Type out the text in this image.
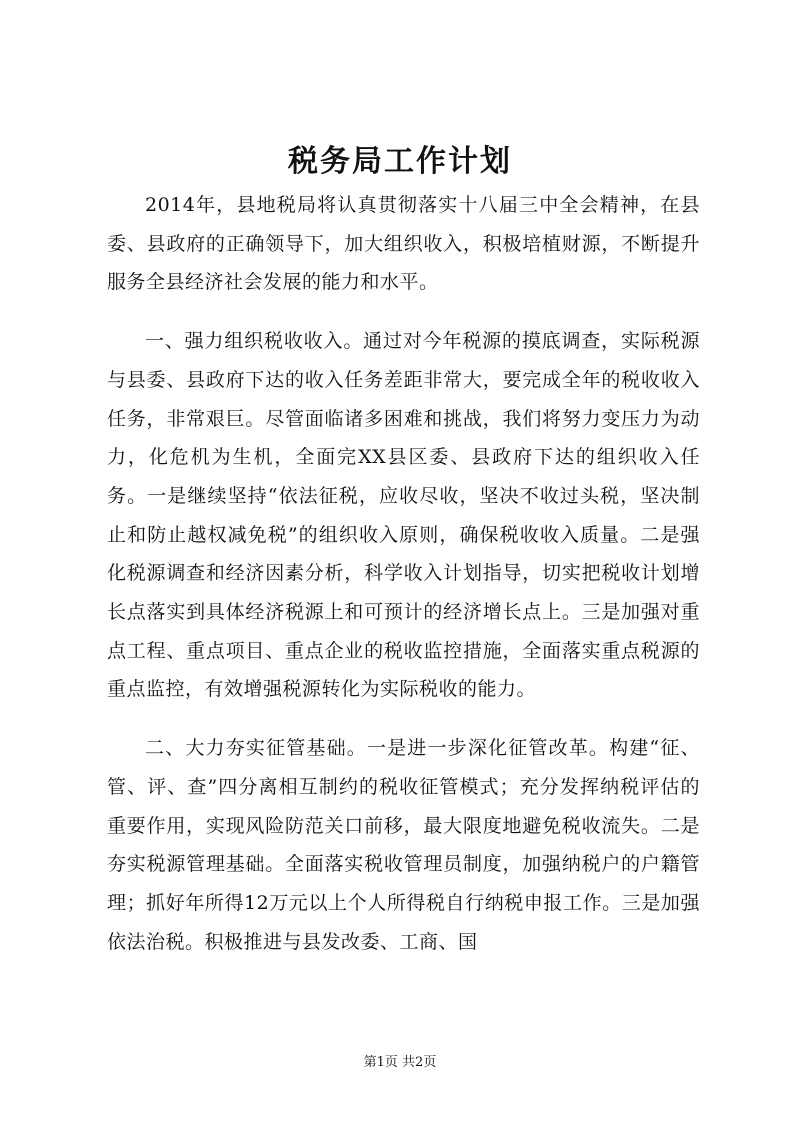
税务局工作计划

2014年，县地税局将认真贯彻落实十八届三中全会精神，在县委、县政府的正确领导下，加大组织收入，积极培植财源，不断提升服务全县经济社会发展的能力和水平。

一、强力组织税收收入。通过对今年税源的摸底调查，实际税源与县委、县政府下达的收入任务差距非常大，要完成全年的税收收入任务，非常艰巨。尽管面临诸多困难和挑战，我们将努力变压力为动力，化危机为生机，全面完XX县区委、县政府下达的组织收入任务。一是继续坚持“依法征税，应收尽收，坚决不收过头税，坚决制止和防止越权减免税”的组织收入原则，确保税收收入质量。二是强化税源调查和经济因素分析，科学收入计划指导，切实把税收计划增长点落实到具体经济税源上和可预计的经济增长点上。三是加强对重点工程、重点项目、重点企业的税收监控措施，全面落实重点税源的重点监控，有效增强税源转化为实际税收的能力。

二、大力夯实征管基础。一是进一步深化征管改革。构建“征、管、评、查”四分离相互制约的税收征管模式；充分发挥纳税评估的重要作用，实现风险防范关口前移，最大限度地避免税收流失。二是夯实税源管理基础。全面落实税收管理员制度，加强纳税户的户籍管理；抓好年所得12万元以上个人所得税自行纳税申报工作。三是加强依法治税。积极推进与县发改委、工商、国

第1页 共2页
